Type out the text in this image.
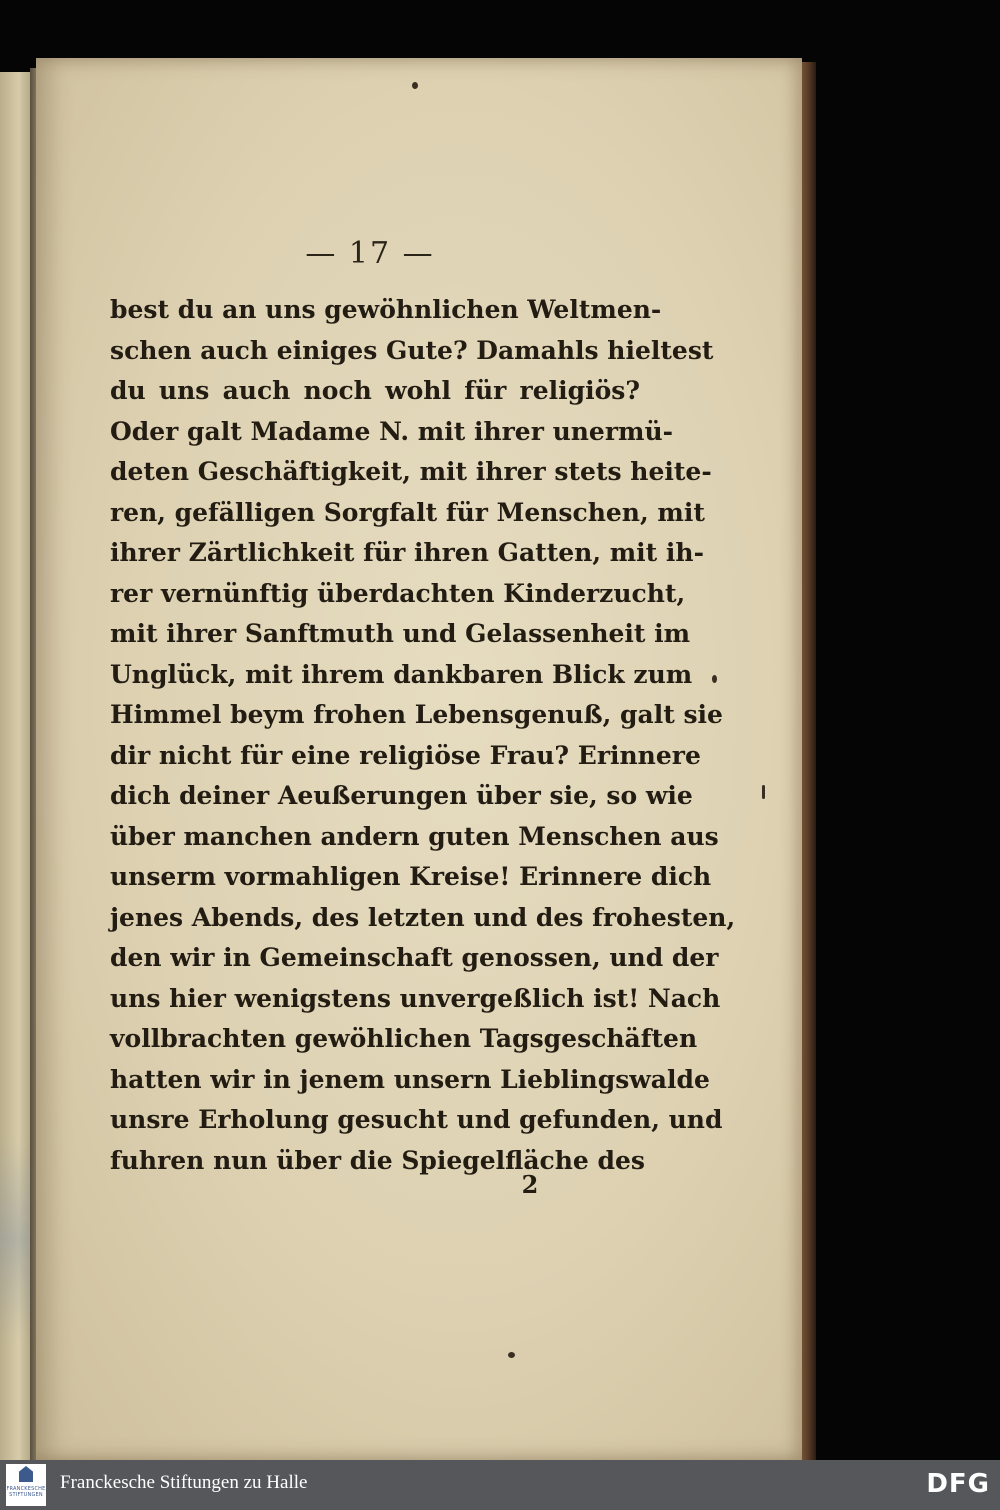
— 17 —
best du an uns gewöhnlichen Weltmen-
schen auch einiges Gute? Damahls hieltest
du uns auch noch wohl für religiös?
Oder galt Madame N. mit ihrer unermü-
deten Geschäftigkeit, mit ihrer stets heite-
ren, gefälligen Sorgfalt für Menschen, mit
ihrer Zärtlichkeit für ihren Gatten, mit ih-
rer vernünftig überdachten Kinderzucht,
mit ihrer Sanftmuth und Gelassenheit im
Unglück, mit ihrem dankbaren Blick zum
Himmel beym frohen Lebensgenuß, galt sie
dir nicht für eine religiöse Frau? Erinnere
dich deiner Aeußerungen über sie, so wie
über manchen andern guten Menschen aus
unserm vormahligen Kreise! Erinnere dich
jenes Abends, des letzten und des frohesten,
den wir in Gemeinschaft genossen, und der
uns hier wenigstens unvergeßlich ist! Nach
vollbrachten gewöhlichen Tagsgeschäften
hatten wir in jenem unsern Lieblingswalde
unsre Erholung gesucht und gefunden, und
fuhren nun über die Spiegelfläche des
2
FRANCKESCHE STIFTUNGEN
Franckesche Stiftungen zu Halle	DFG
